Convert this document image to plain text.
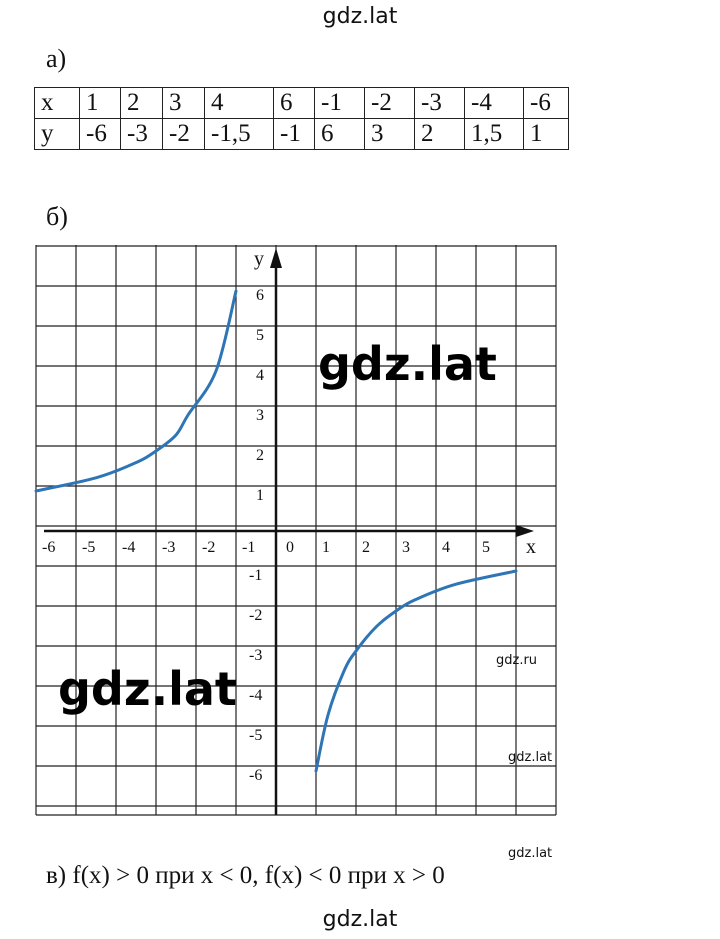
gdz.lat
а)
x	1	2	3	4	6	-1	-2	-3	-4	-6
y	-6	-3	-2	-1,5	-1	6	3	2	1,5	1
б)
x
y
-6 -5 -4 -3 -2 -1 0 1 2 3 4 5
6
5
4
3
2
1
-1
-2
-3
-4
-5
-6
gdz.lat
gdz.lat
gdz.ru
gdz.lat
gdz.lat
в) f(x) > 0 при x < 0, f(x) < 0 при x > 0
gdz.lat
